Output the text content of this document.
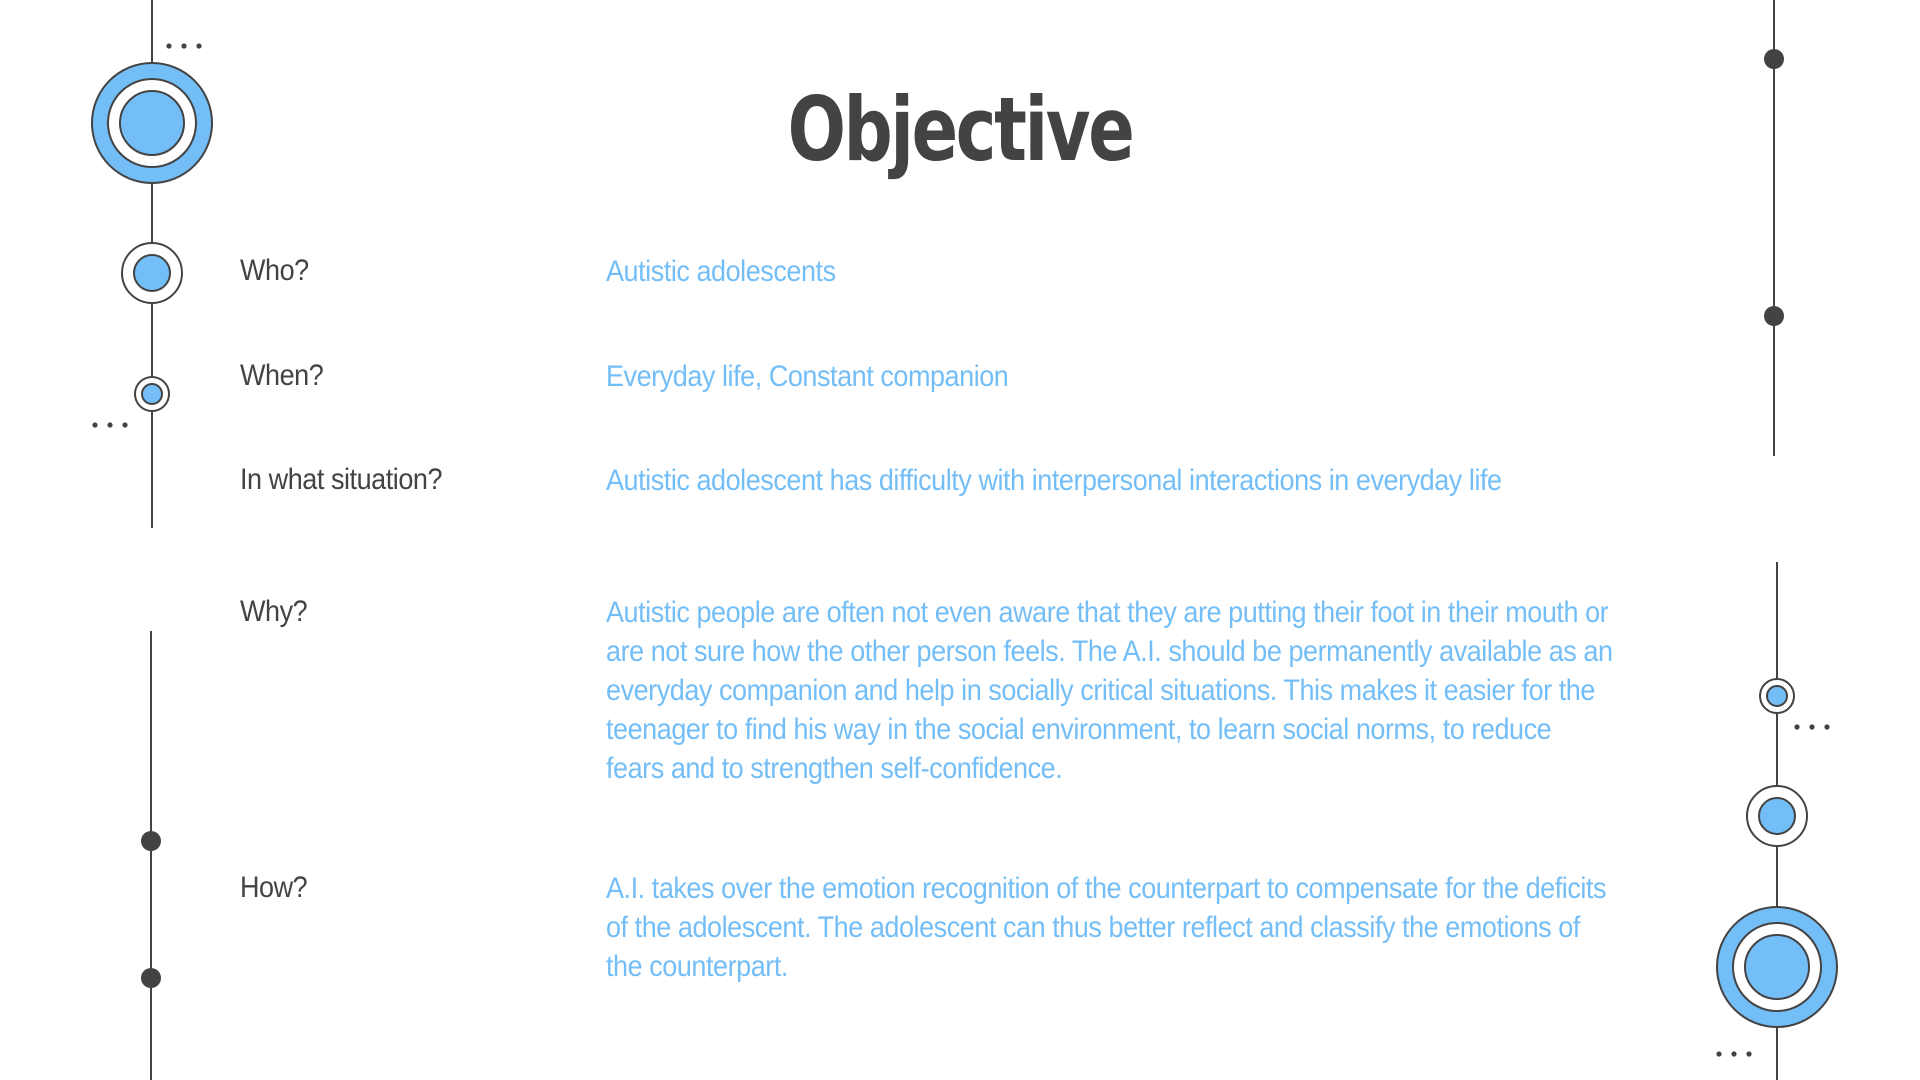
Objective
Who?	Autistic adolescents

When?	Everyday life, Constant companion

In what situation?	Autistic adolescent has difficulty with interpersonal interactions in everyday life

Why?	Autistic people are often not even aware that they are putting their foot in their mouth or are not sure how the other person feels. The A.I. should be permanently available as an everyday companion and help in socially critical situations. This makes it easier for the teenager to find his way in the social environment, to learn social norms, to reduce fears and to strengthen self-confidence.

How?	A.I. takes over the emotion recognition of the counterpart to compensate for the deficits of the adolescent. The adolescent can thus better reflect and classify the emotions of the counterpart.
